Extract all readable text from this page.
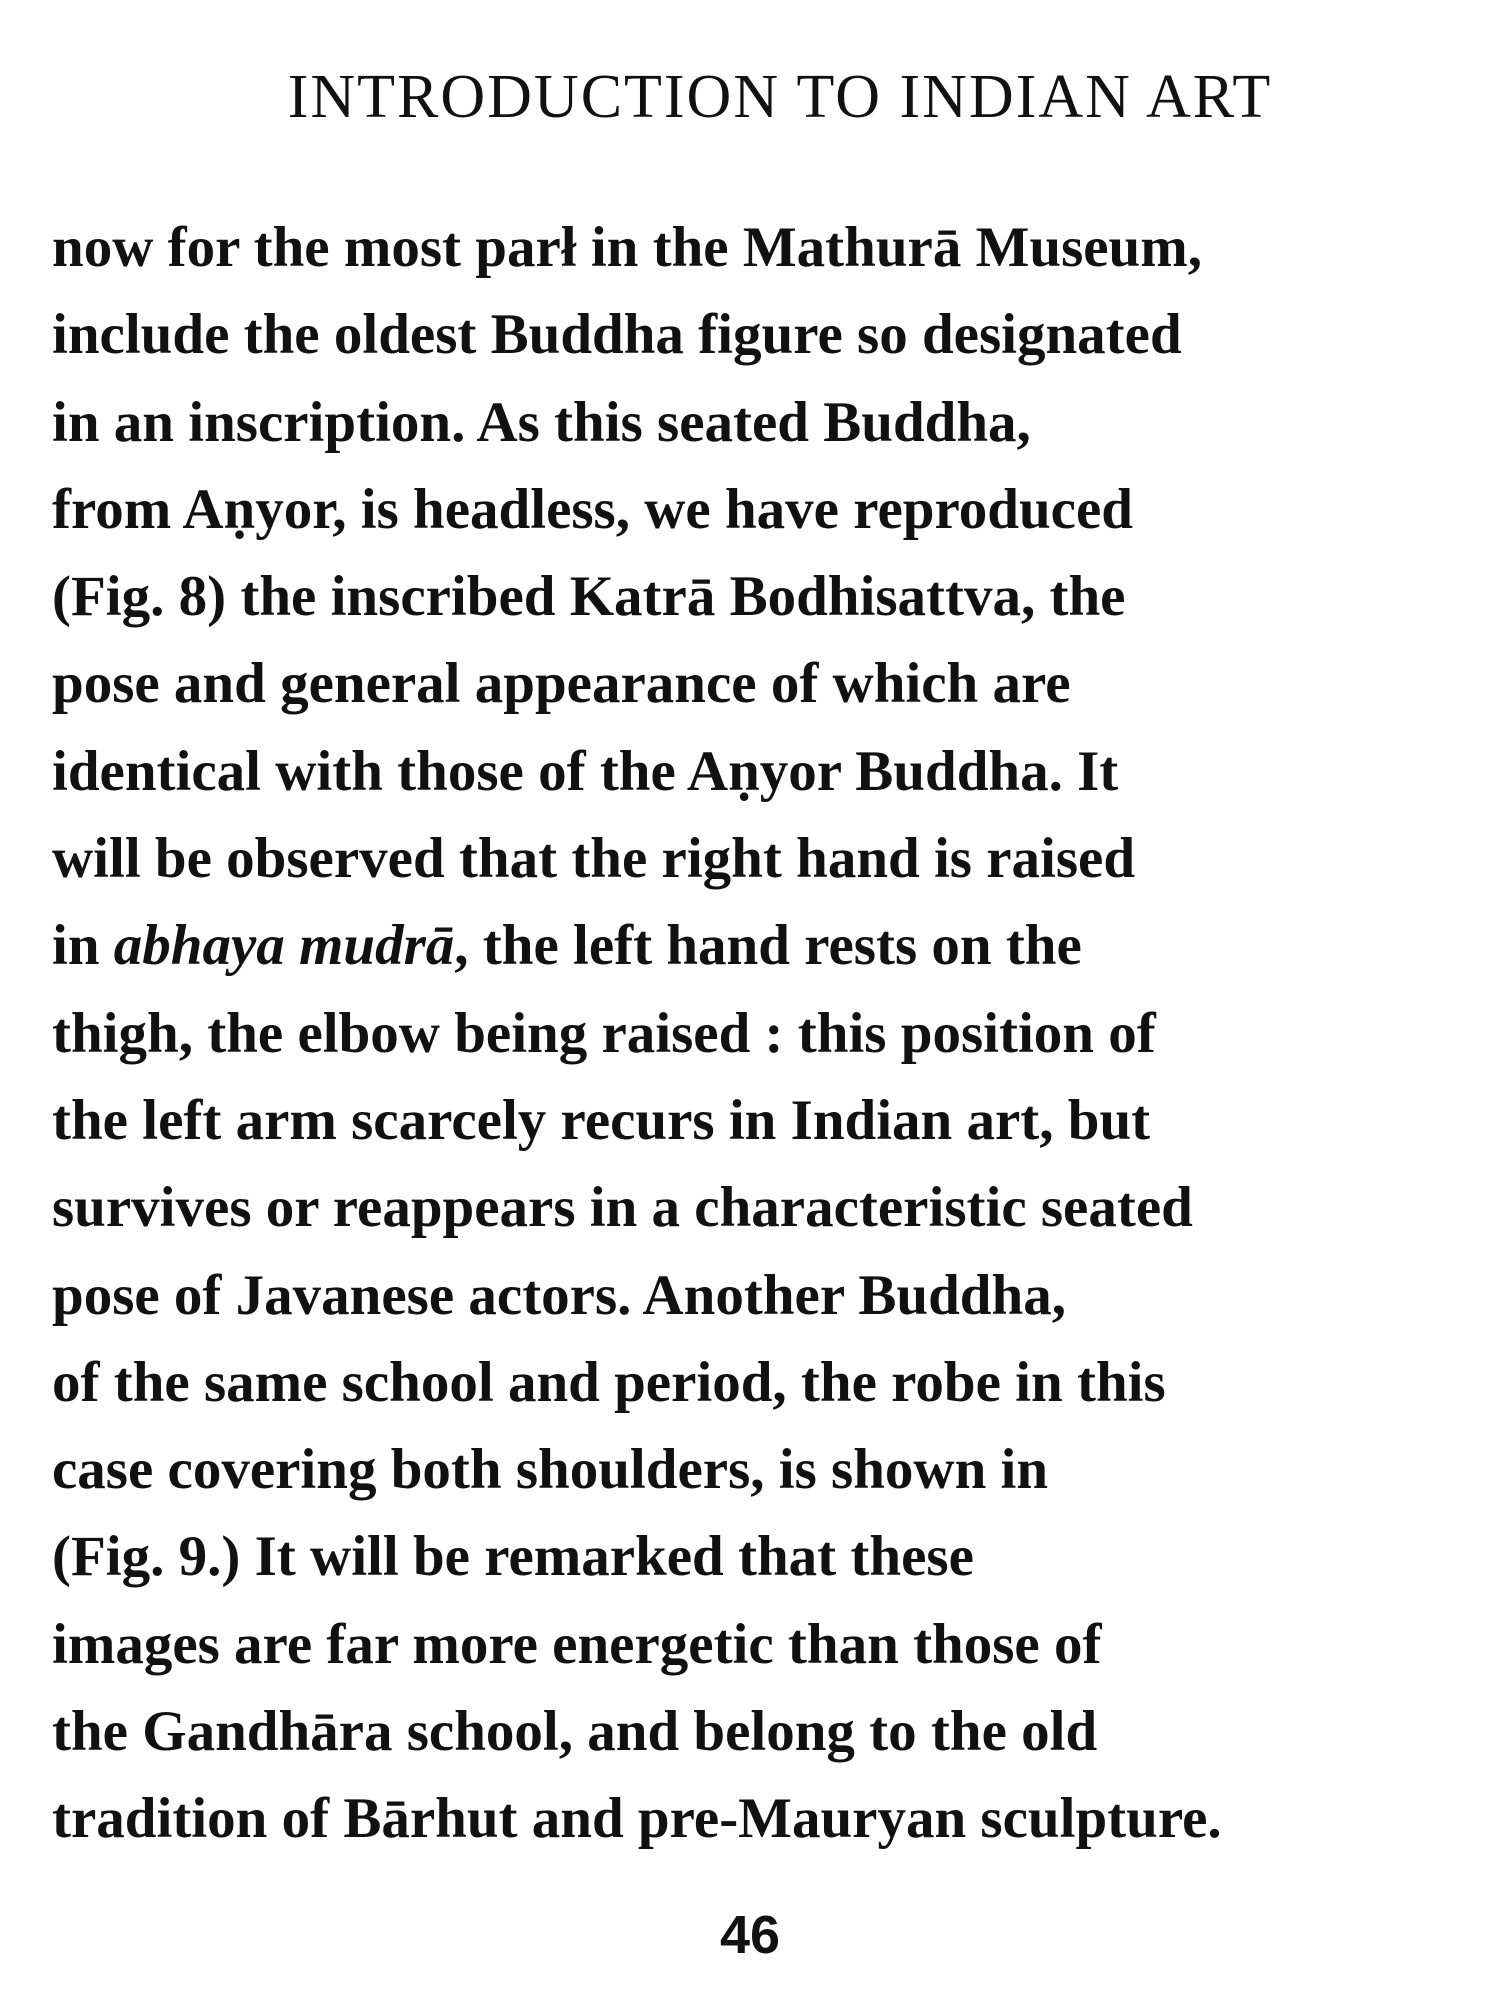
INTRODUCTION TO INDIAN ART
now for the most parł in the Mathurā Museum,
include the oldest Buddha figure so designated
in an inscription. As this seated Buddha,
from Aṇyor, is headless, we have reproduced
(Fig. 8) the inscribed Katrā Bodhisattva, the
pose and general appearance of which are
identical with those of the Aṇyor Buddha. It
will be observed that the right hand is raised
in abhaya mudrā, the left hand rests on the
thigh, the elbow being raised : this position of
the left arm scarcely recurs in Indian art, but
survives or reappears in a characteristic seated
pose of Javanese actors. Another Buddha,
of the same school and period, the robe in this
case covering both shoulders, is shown in
(Fig. 9.) It will be remarked that these
images are far more energetic than those of
the Gandhāra school, and belong to the old
tradition of Bārhut and pre-Mauryan sculpture.
46
